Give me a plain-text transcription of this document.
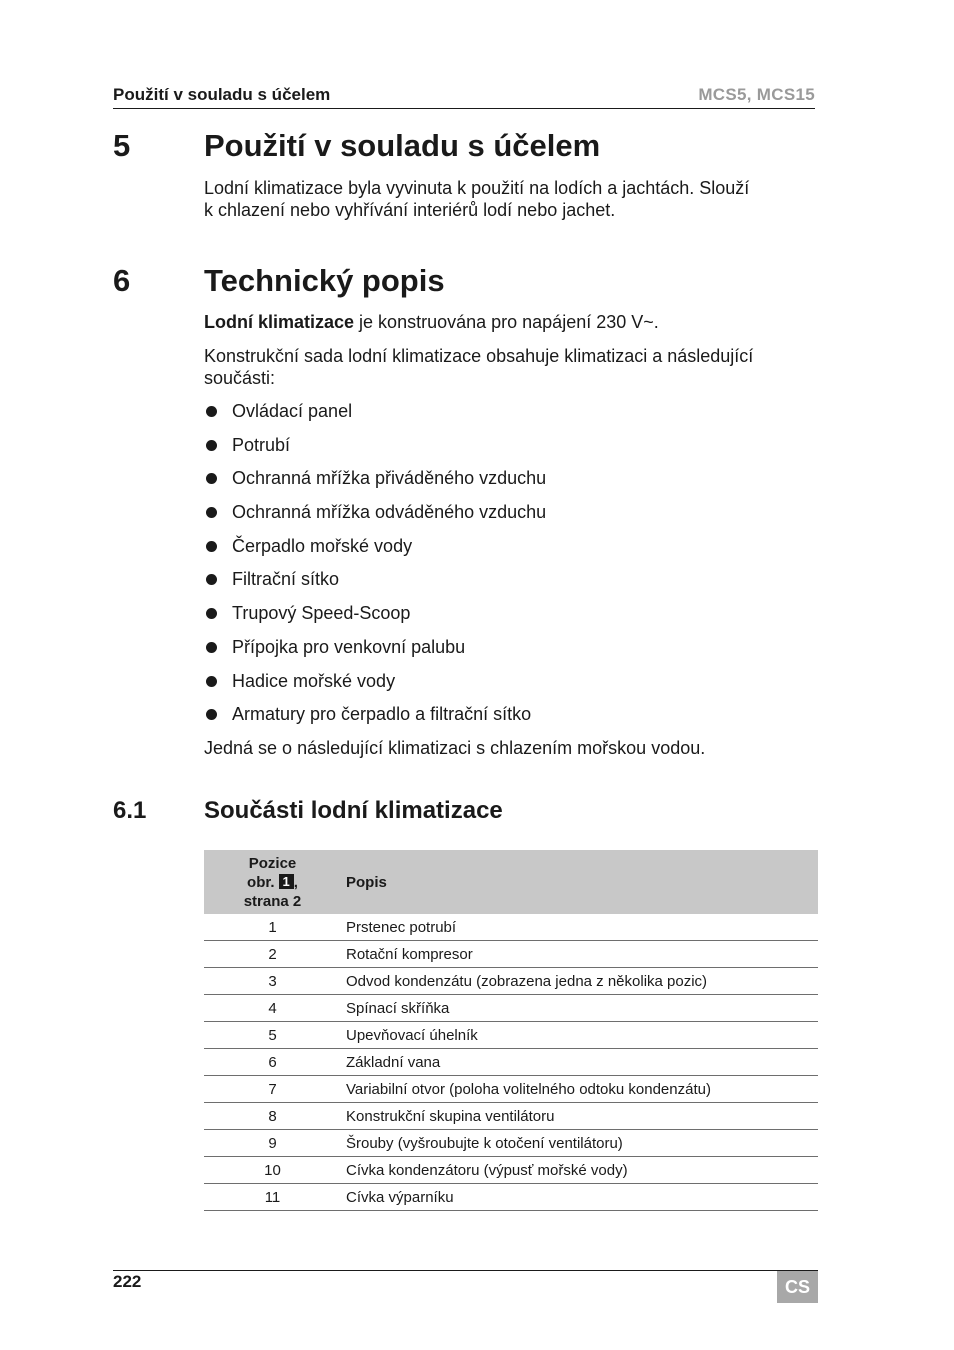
Použití v souladu s účelem	MCS5, MCS15
5 Použití v souladu s účelem
Lodní klimatizace byla vyvinuta k použití na lodích a jachtách. Slouží
k chlazení nebo vyhřívání interiérů lodí nebo jachet.
6 Technický popis
Lodní klimatizace je konstruována pro napájení 230 V~.
Konstrukční sada lodní klimatizace obsahuje klimatizaci a následující
součásti:
Ovládací panel
Potrubí
Ochranná mřížka přiváděného vzduchu
Ochranná mřížka odváděného vzduchu
Čerpadlo mořské vody
Filtrační sítko
Trupový Speed-Scoop
Přípojka pro venkovní palubu
Hadice mořské vody
Armatury pro čerpadlo a filtrační sítko
Jedná se o následující klimatizaci s chlazením mořskou vodou.
6.1 Součásti lodní klimatizace
Pozice
obr. 1 ,
strana 2	Popis
1	Prstenec potrubí
2	Rotační kompresor
3	Odvod kondenzátu (zobrazena jedna z několika pozic)
4	Spínací skříňka
5	Upevňovací úhelník
6	Základní vana
7	Variabilní otvor (poloha volitelného odtoku kondenzátu)
8	Konstrukční skupina ventilátoru
9	Šrouby (vyšroubujte k otočení ventilátoru)
10	Cívka kondenzátoru (výpusť mořské vody)
11	Cívka výparníku
222	CS
